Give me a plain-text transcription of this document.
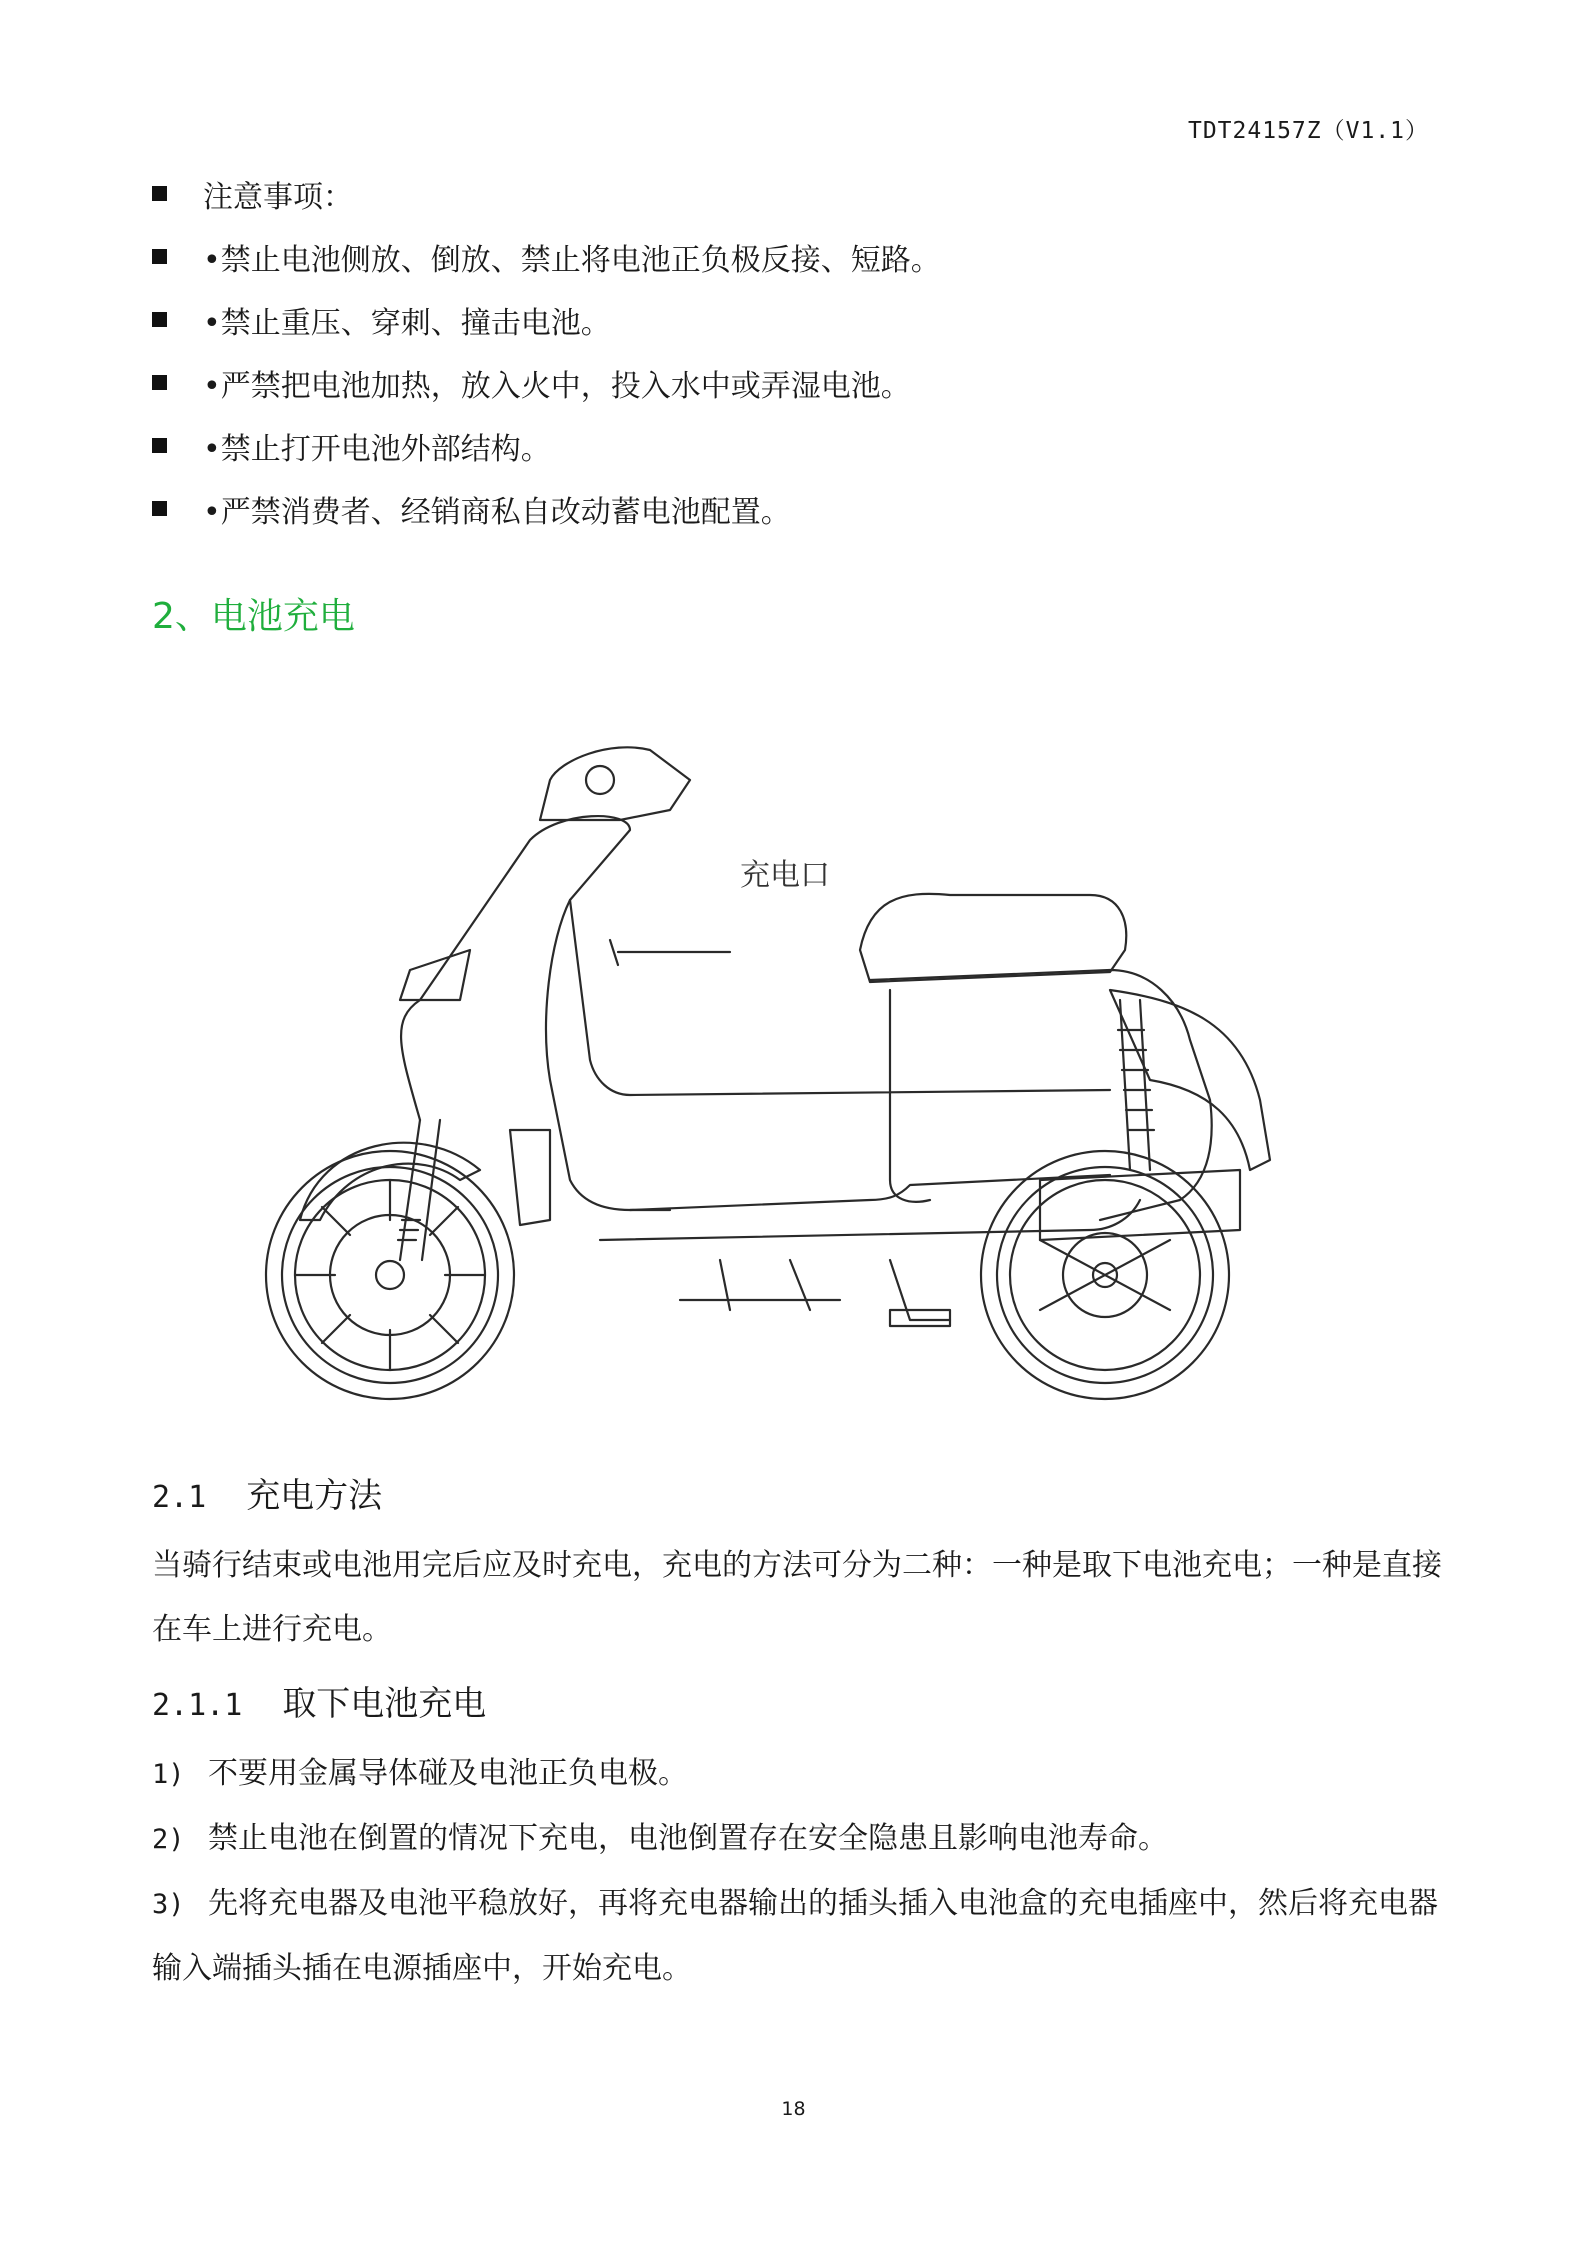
TDT24157Z（V1.1）
注意事项：
•禁止电池侧放、倒放、禁止将电池正负极反接、短路。
•禁止重压、穿刺、撞击电池。
•严禁把电池加热，放入火中，投入水中或弄湿电池。
•禁止打开电池外部结构。
•严禁消费者、经销商私自改动蓄电池配置。
2、电池充电
充电口
2.1 充电方法
当骑行结束或电池用完后应及时充电，充电的方法可分为二种：一种是取下电池充电；一种是直接在车上进行充电。
2.1.1 取下电池充电
1) 不要用金属导体碰及电池正负电极。
2) 禁止电池在倒置的情况下充电，电池倒置存在安全隐患且影响电池寿命。
3) 先将充电器及电池平稳放好，再将充电器输出的插头插入电池盒的充电插座中，然后将充电器输入端插头插在电源插座中，开始充电。
18
